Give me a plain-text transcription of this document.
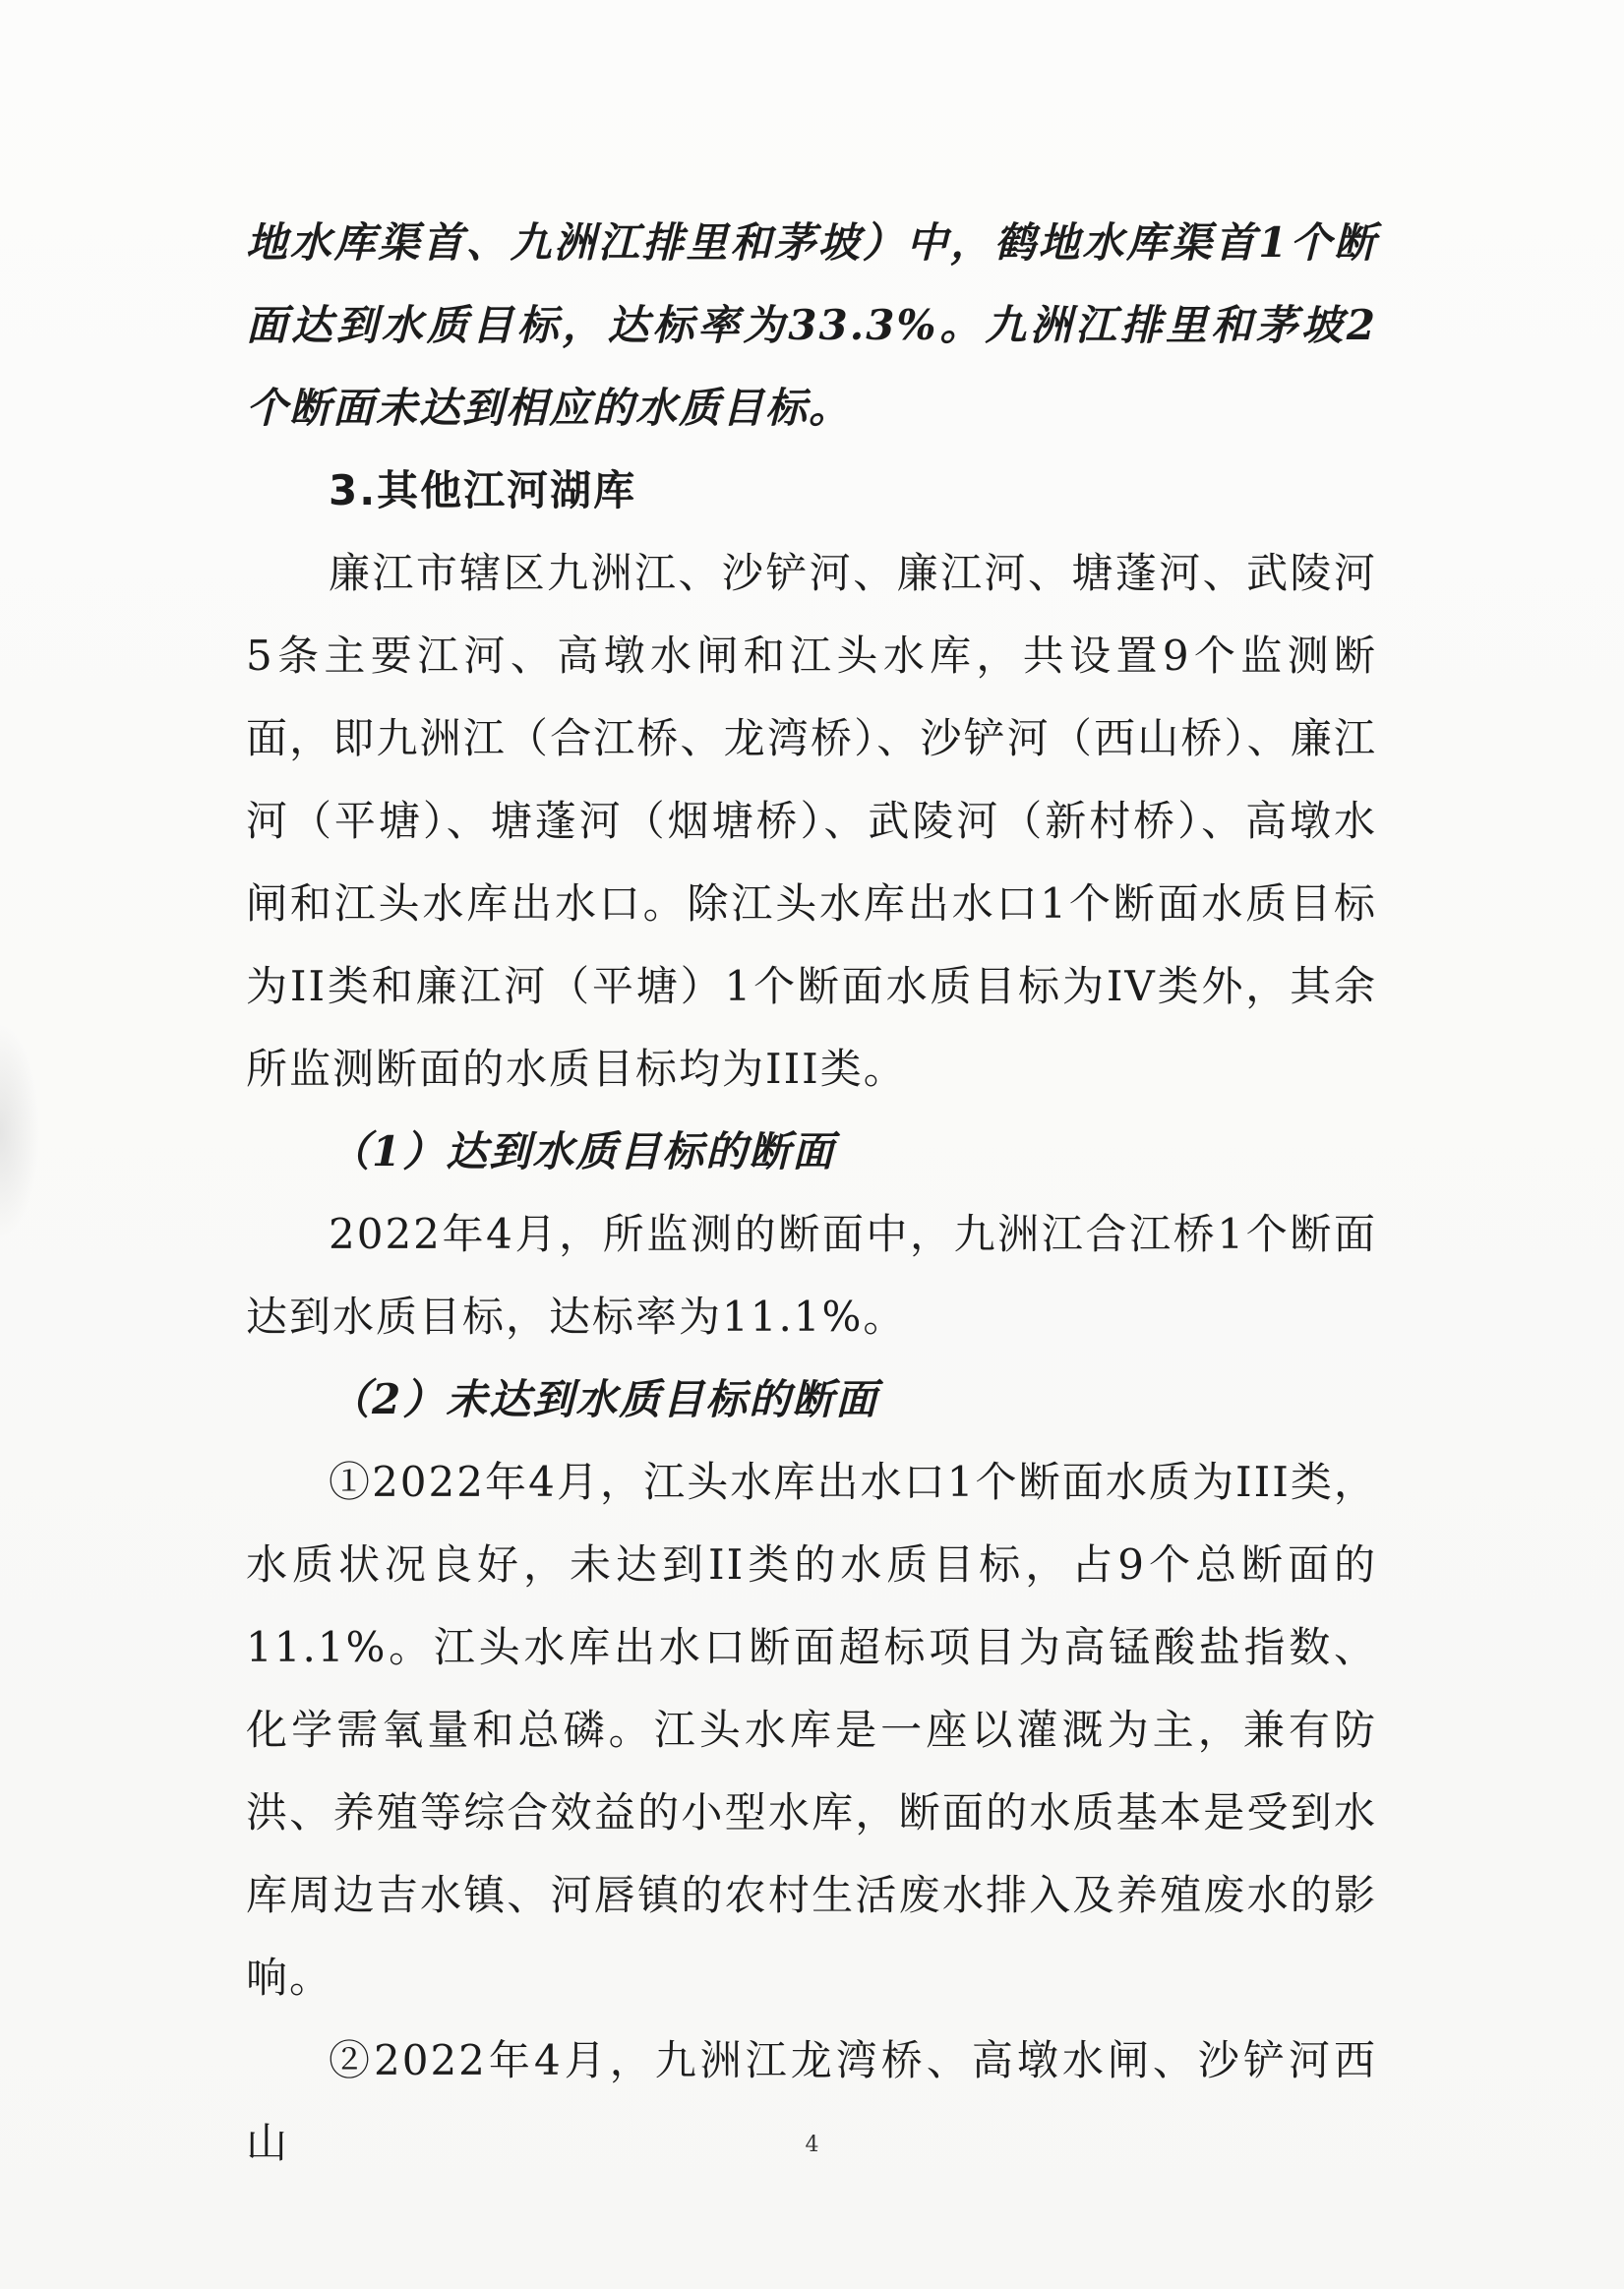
地水库渠首、九洲江排里和茅坡）中，鹤地水库渠首1个断面达到水质目标，达标率为33.3%。九洲江排里和茅坡2个断面未达到相应的水质目标。

3.其他江河湖库

廉江市辖区九洲江、沙铲河、廉江河、塘蓬河、武陵河5条主要江河、高墩水闸和江头水库，共设置9个监测断面，即九洲江（合江桥、龙湾桥）、沙铲河（西山桥）、廉江河（平塘）、塘蓬河（烟塘桥）、武陵河（新村桥）、高墩水闸和江头水库出水口。除江头水库出水口1个断面水质目标为II类和廉江河（平塘）1个断面水质目标为IV类外，其余所监测断面的水质目标均为III类。

（1）达到水质目标的断面

2022年4月，所监测的断面中，九洲江合江桥1个断面达到水质目标，达标率为11.1%。

（2）未达到水质目标的断面

①2022年4月，江头水库出水口1个断面水质为III类，水质状况良好，未达到II类的水质目标，占9个总断面的11.1%。江头水库出水口断面超标项目为高锰酸盐指数、化学需氧量和总磷。江头水库是一座以灌溉为主，兼有防洪、养殖等综合效益的小型水库，断面的水质基本是受到水库周边吉水镇、河唇镇的农村生活废水排入及养殖废水的影响。

②2022年4月，九洲江龙湾桥、高墩水闸、沙铲河西山	4
